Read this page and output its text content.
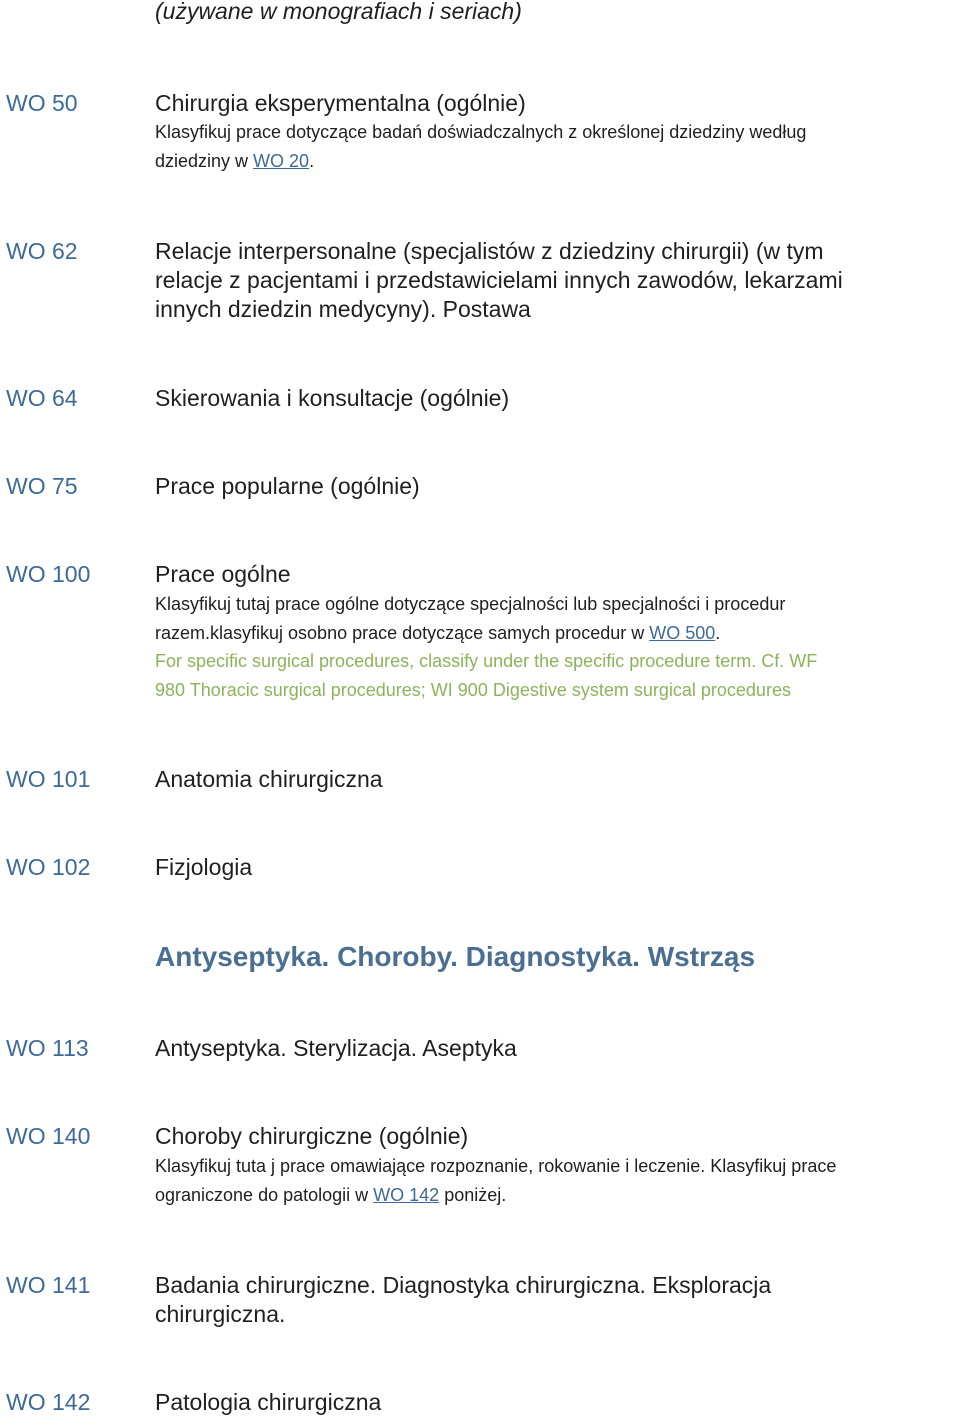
(używane w monografiach i seriach)
WO 50	Chirurgia eksperymentalna (ogólnie)
Klasyfikuj prace dotyczące badań doświadczalnych z określonej dziedziny według
dziedziny w WO 20.
WO 62	Relacje interpersonalne (specjalistów z dziedziny chirurgii) (w tym
relacje z pacjentami i przedstawicielami innych zawodów, lekarzami
innych dziedzin medycyny). Postawa
WO 64	Skierowania i konsultacje (ogólnie)
WO 75	Prace popularne (ogólnie)
WO 100	Prace ogólne
Klasyfikuj tutaj prace ogólne dotyczące specjalności lub specjalności i procedur
razem.klasyfikuj osobno prace dotyczące samych procedur w WO 500.
For specific surgical procedures, classify under the specific procedure term. Cf. WF
980 Thoracic surgical procedures; WI 900 Digestive system surgical procedures
WO 101	Anatomia chirurgiczna
WO 102	Fizjologia
Antyseptyka. Choroby. Diagnostyka. Wstrząs
WO 113	Antyseptyka. Sterylizacja. Aseptyka
WO 140	Choroby chirurgiczne (ogólnie)
Klasyfikuj tuta j prace omawiające rozpoznanie, rokowanie i leczenie. Klasyfikuj prace
ograniczone do patologii w WO 142 poniżej.
WO 141	Badania chirurgiczne. Diagnostyka chirurgiczna. Eksploracja
chirurgiczna.
WO 142	Patologia chirurgiczna
